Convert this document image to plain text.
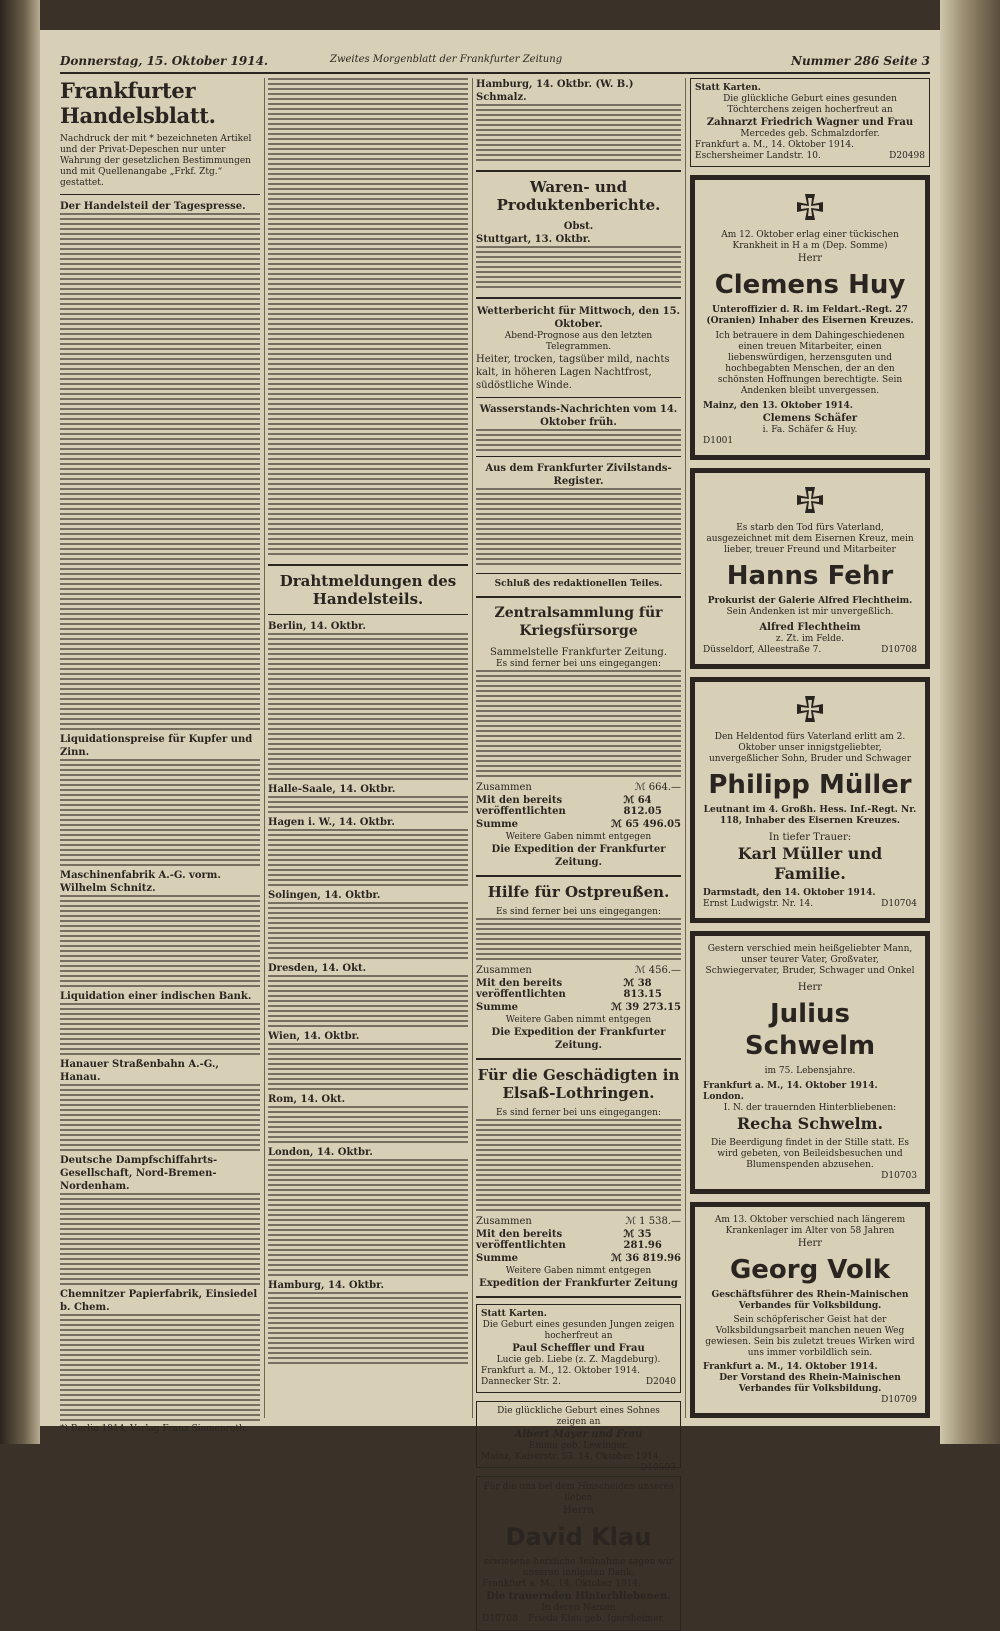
Donnerstag, 15. Oktober 1914.	Zweites Morgenblatt der Frankfurter Zeitung	Nummer 286 Seite 3
Frankfurter Handelsblatt.
Nachdruck der mit * bezeichneten Artikel und der Privat-Depeschen nur unter Wahrung der gesetzlichen Bestimmungen und mit Quellenangabe „Frkf. Ztg.“ gestattet.
Der Handelsteil der Tagespresse.
Liquidationspreise für Kupfer und Zinn.
Maschinenfabrik A.-G. vorm. Wilhelm Schnitz.
Liquidation einer indischen Bank.
Hanauer Straßenbahn A.-G., Hanau.
Deutsche Dampfschiffahrts-Gesellschaft, Nord-Bremen-Nordenham.
Chemnitzer Papierfabrik, Einsiedel b. Chem.
*) Berlin 1914, Verlag Franz Siemenroth.
Drahtmeldungen des Handelsteils.
Berlin, 14. Oktbr.
Halle-Saale, 14. Oktbr.
Hagen i. W., 14. Oktbr.
Solingen, 14. Oktbr.
Dresden, 14. Okt.
Wien, 14. Oktbr.
Rom, 14. Okt.
London, 14. Oktbr.
Hamburg, 14. Oktbr.
Hamburg, 14. Oktbr. (W. B.) Schmalz.
Waren- und Produktenberichte.
Obst.
Stuttgart, 13. Oktbr.
Wetterbericht für Mittwoch, den 15. Oktober.
Abend-Prognose aus den letzten Telegrammen.
Heiter, trocken, tagsüber mild, nachts kalt, in höheren Lagen Nachtfrost, südöstliche Winde.
Wasserstands-Nachrichten vom 14. Oktober früh.
Aus dem Frankfurter Zivilstands-Register.
Schluß des redaktionellen Teiles.
Zentralsammlung für Kriegsfürsorge
Sammelstelle Frankfurter Zeitung.
Es sind ferner bei uns eingegangen:
Zusammen	ℳ 664.—
Mit den bereits veröffentlichten
ℳ 64 812.05
Summe	ℳ 65 496.05
Weitere Gaben nimmt entgegen
Die Expedition der Frankfurter Zeitung.
Hilfe für Ostpreußen.
Es sind ferner bei uns eingegangen:
Zusammen	ℳ 456.—
Mit den bereits veröffentlichten
ℳ 38 813.15
Summe	ℳ 39 273.15
Weitere Gaben nimmt entgegen
Die Expedition der Frankfurter Zeitung.
Für die Geschädigten in Elsaß-Lothringen.
Es sind ferner bei uns eingegangen:
Zusammen	ℳ 1 538.—
Mit den bereits veröffentlichten
ℳ 35 281.96
Summe	ℳ 36 819.96
Weitere Gaben nimmt entgegen
Expedition der Frankfurter Zeitung
Statt Karten.
Die Geburt eines gesunden Jungen zeigen hocherfreut an
Paul Scheffler und Frau
Lucie geb. Liebe (z. Z. Magdeburg).
Frankfurt a. M., 12. Oktober 1914.
Dannecker Str. 2.	D2040
Die glückliche Geburt eines Sohnes zeigen an
Albert Mayer und Frau
Emma geb. Lewinger.
Mainz, Kaiserstr. 53. 14. Oktober 1914.
D10593
Für die uns bei dem Hinscheiden unseres lieben
Herrn
David Klau
erwiesene herzliche Teilnahme sagen wir unseren innigsten Dank.
Frankfurt a. M., 14. Oktober 1914.
Die trauernden Hinterbliebenen.
In deren Namen
D10708 Frieda Klau geb. Igersheimer.
Statt Karten.
Die glückliche Geburt eines gesunden Töchterchens zeigen hocherfreut an
Zahnarzt Friedrich Wagner und Frau
Mercedes geb. Schmalzdorfer.
Frankfurt a. M., 14. Oktober 1914.
Eschersheimer Landstr. 10.	D20498
Am 12. Oktober erlag einer tückischen Krankheit in H a m (Dep. Somme)
Herr
Clemens Huy
Unteroffizier d. R. im Feldart.-Regt. 27 (Oranien) Inhaber des Eisernen Kreuzes.
Ich betrauere in dem Dahingeschiedenen einen treuen Mitarbeiter, einen liebenswürdigen, herzensguten und hochbegabten Menschen, der an den schönsten Hoffnungen berechtigte. Sein Andenken bleibt unvergessen.
Mainz, den 13. Oktober 1914.
Clemens Schäfer
i. Fa. Schäfer & Huy.
D1001
Es starb den Tod fürs Vaterland, ausgezeichnet mit dem Eisernen Kreuz, mein lieber, treuer Freund und Mitarbeiter
Hanns Fehr
Prokurist der Galerie Alfred Flechtheim.
Sein Andenken ist mir unvergeßlich.
Alfred Flechtheim
z. Zt. im Felde.
Düsseldorf, Alleestraße 7.	D10708
Den Heldentod fürs Vaterland erlitt am 2. Oktober unser innigstgeliebter, unvergeßlicher Sohn, Bruder und Schwager
Philipp Müller
Leutnant im 4. Großh. Hess. Inf.-Regt. Nr. 118, Inhaber des Eisernen Kreuzes.
In tiefer Trauer:
Karl Müller und Familie.
Darmstadt, den 14. Oktober 1914.
Ernst Ludwigstr. Nr. 14.	D10704
Gestern verschied mein heißgeliebter Mann, unser teurer Vater, Großvater, Schwiegervater, Bruder, Schwager und Onkel
Herr
Julius Schwelm
im 75. Lebensjahre.
Frankfurt a. M., 14. Oktober 1914.
London.
I. N. der trauernden Hinterbliebenen:
Recha Schwelm.
Die Beerdigung findet in der Stille statt. Es wird gebeten, von Beileidsbesuchen und Blumenspenden abzusehen.
D10703
Am 13. Oktober verschied nach längerem Krankenlager im Alter von 58 Jahren
Herr
Georg Volk
Geschäftsführer des Rhein-Mainischen Verbandes für Volksbildung.
Sein schöpferischer Geist hat der Volksbildungsarbeit manchen neuen Weg gewiesen. Sein bis zuletzt treues Wirken wird uns immer vorbildlich sein.
Frankfurt a. M., 14. Oktober 1914.
Der Vorstand des Rhein-Mainischen Verbandes für Volksbildung.
D10709
